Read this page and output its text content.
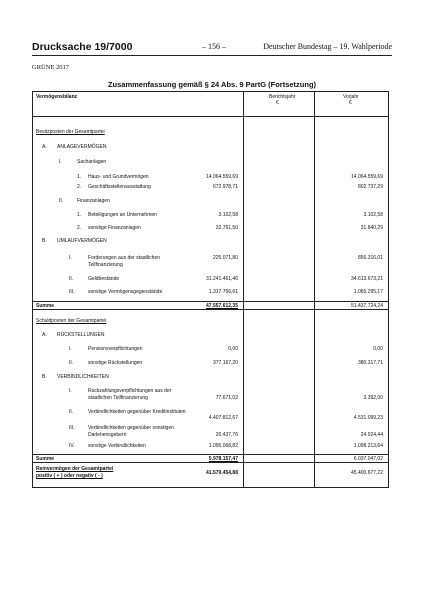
Drucksache 19/7000	– 156 –	Deutscher Bundestag – 19. Wahlperiode
GRÜNE 2017
Zusammenfassung gemäß § 24 Abs. 9 PartG (Fortsetzung)
Vermögensbilanz	Berichtsjahr
€
Vorjahr
€
Besitzposten der Gesamtpartei
A. ANLAGEVERMÖGEN
I.	Sachanlagen
1. Haus- und Grundvermögen	14.064.559,69	14.064.559,69
2. Geschäftsstellenausstattung	672.978,71	802.737,29
II.	Finanzanlagen
1. Beteiligungen an Unternehmen	3.102,58	3.102,58
2. sonstige Finanzanlagen	32.761,50	31.840,29
B. UMLAUFVERMÖGEN
I.	Forderungen aus der staatlichen
Teilfinanzierung
225.071,80	856.316,01
II.	Geldbestände	31.241.461,46	34.613.673,21
III.	sonstige Vermögensgegenstände	1.317.756,61	1.065.295,17
Summe	47.557.612,35	51.437.724,24
Schuldposten der Gesamtpartei
A. RÜCKSTELLUNGEN
I.	Pensionsverpflichtungen	0,00	0,00
II.	sonstige Rückstellungen	377.167,20	380.317,71
B. VERBINDLICHKEITEN
I.	Rückzahlungsverpflichtungen aus der
staatlichen Teilfinanzierung	77.671,02	3.392,00
II.	Verbindlichkeiten gegenüber Kreditinstituten
4.407.812,67	4.531.099,23
III.	Verbindlichkeiten gegenüber sonstigen
Darlehensgebern	20.437,76	24.024,44
IV.	sonstige Verbindlichkeiten	1.095.068,82	1.098.213,64
Summe	5.978.157,47	6.037.047,02
Reinvermögen der Gesamtpartei
positiv ( + ) oder negativ ( - )	41.579.454,88	45.400.677,22
